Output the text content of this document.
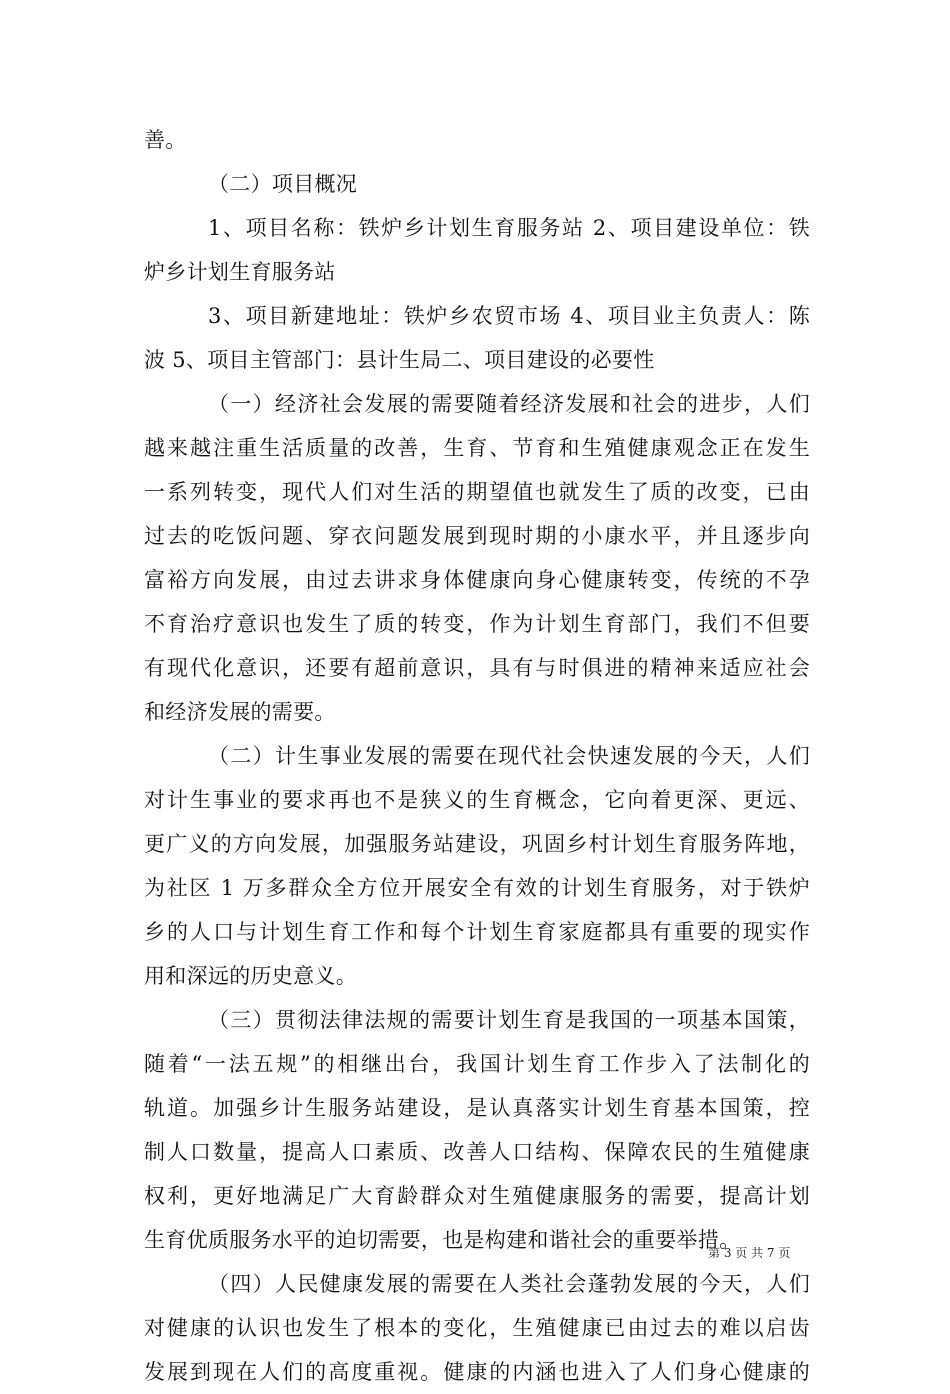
善。
（二）项目概况
1、项目名称：铁炉乡计划生育服务站 2、项目建设单位：铁
炉乡计划生育服务站
3、项目新建地址：铁炉乡农贸市场 4、项目业主负责人：陈
波 5、项目主管部门：县计生局二、项目建设的必要性
（一）经济社会发展的需要随着经济发展和社会的进步，人们
越来越注重生活质量的改善，生育、节育和生殖健康观念正在发生
一系列转变，现代人们对生活的期望值也就发生了质的改变，已由
过去的吃饭问题、穿衣问题发展到现时期的小康水平，并且逐步向
富裕方向发展，由过去讲求身体健康向身心健康转变，传统的不孕
不育治疗意识也发生了质的转变，作为计划生育部门，我们不但要
有现代化意识，还要有超前意识，具有与时俱进的精神来适应社会
和经济发展的需要。
（二）计生事业发展的需要在现代社会快速发展的今天，人们
对计生事业的要求再也不是狭义的生育概念，它向着更深、更远、
更广义的方向发展，加强服务站建设，巩固乡村计划生育服务阵地，
为社区 1 万多群众全方位开展安全有效的计划生育服务，对于铁炉
乡的人口与计划生育工作和每个计划生育家庭都具有重要的现实作
用和深远的历史意义。
（三）贯彻法律法规的需要计划生育是我国的一项基本国策，
随着“一法五规”的相继出台，我国计划生育工作步入了法制化的
轨道。加强乡计生服务站建设，是认真落实计划生育基本国策，控
制人口数量，提高人口素质、改善人口结构、保障农民的生殖健康
权利，更好地满足广大育龄群众对生殖健康服务的需要，提高计划
生育优质服务水平的迫切需要，也是构建和谐社会的重要举措。
（四）人民健康发展的需要在人类社会蓬勃发展的今天，人们
对健康的认识也发生了根本的变化，生殖健康已由过去的难以启齿
发展到现在人们的高度重视。健康的内涵也进入了人们身心健康的
第 3 页 共 7 页
